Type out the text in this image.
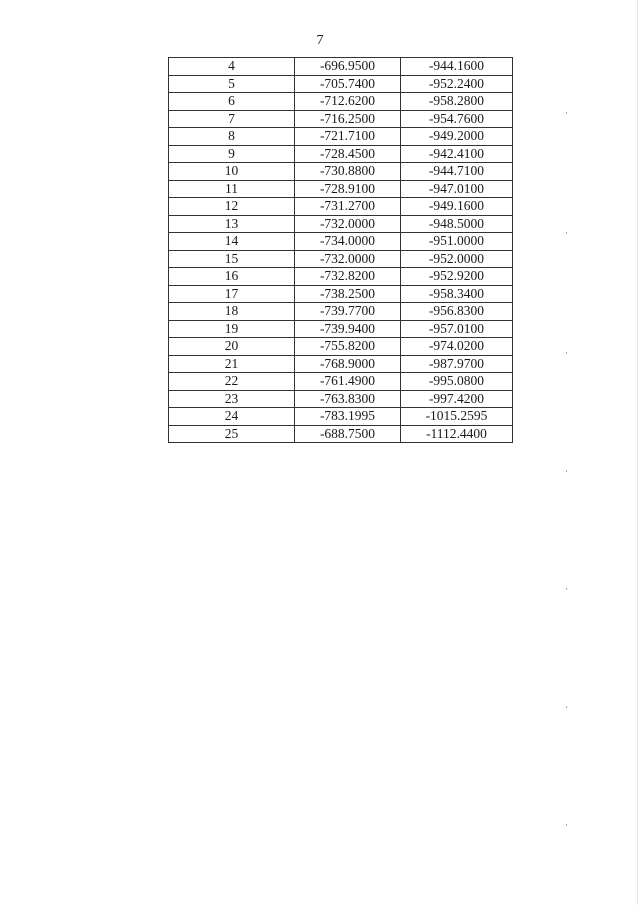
7
4	-696.9500	-944.1600
5	-705.7400	-952.2400
6	-712.6200	-958.2800
7	-716.2500	-954.7600
8	-721.7100	-949.2000
9	-728.4500	-942.4100
10	-730.8800	-944.7100
11	-728.9100	-947.0100
12	-731.2700	-949.1600
13	-732.0000	-948.5000
14	-734.0000	-951.0000
15	-732.0000	-952.0000
16	-732.8200	-952.9200
17	-738.2500	-958.3400
18	-739.7700	-956.8300
19	-739.9400	-957.0100
20	-755.8200	-974.0200
21	-768.9000	-987.9700
22	-761.4900	-995.0800
23	-763.8300	-997.4200
24	-783.1995	-1015.2595
25	-688.7500	-1112.4400
